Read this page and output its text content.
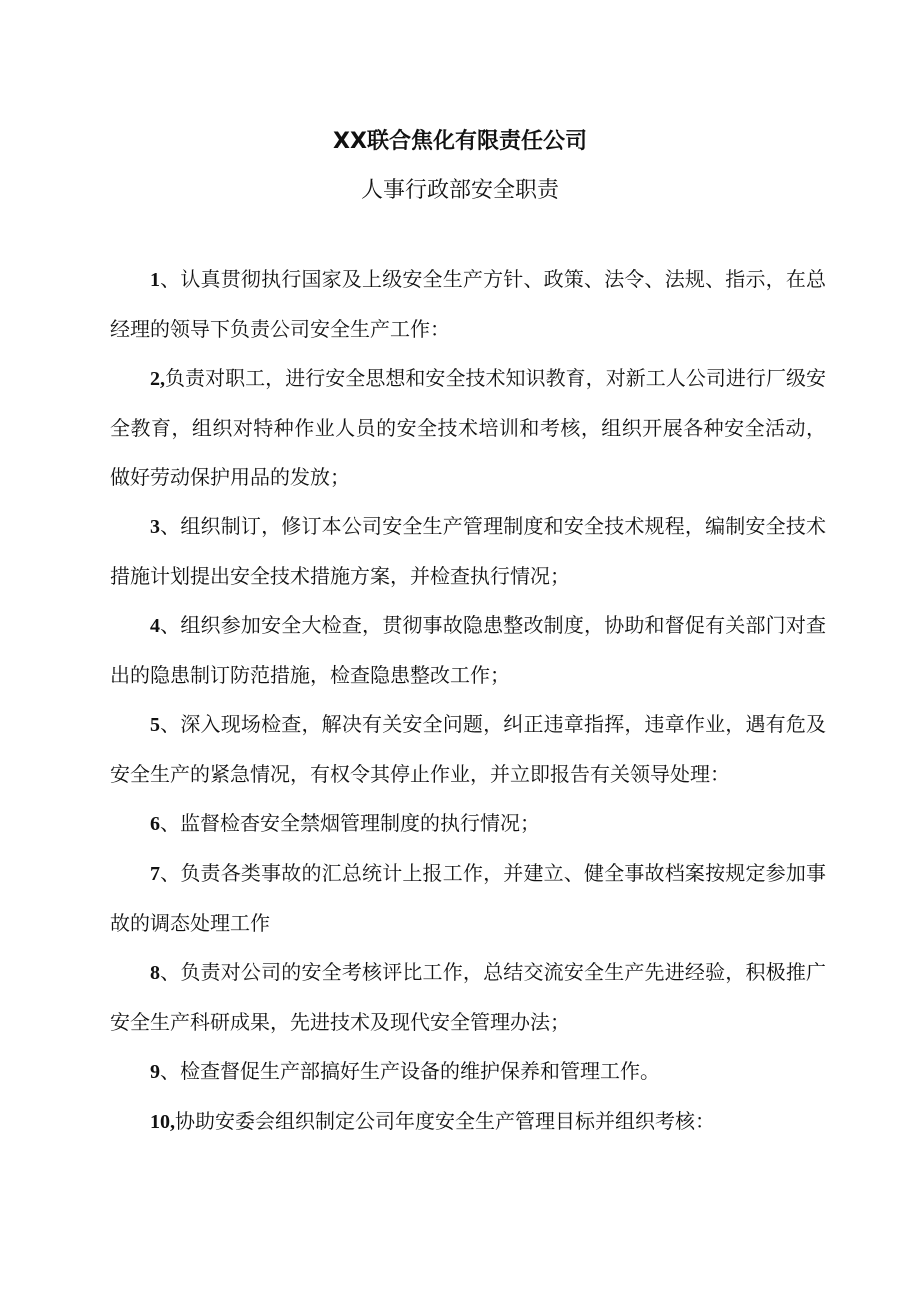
XX联合焦化有限责任公司
人事行政部安全职责

1、认真贯彻执行国家及上级安全生产方针、政策、法令、法规、指示，在总经理的领导下负责公司安全生产工作：

2,负责对职工，进行安全思想和安全技术知识教育，对新工人公司进行厂级安全教育，组织对特种作业人员的安全技术培训和考核，组织开展各种安全活动，做好劳动保护用品的发放；

3、组织制订，修订本公司安全生产管理制度和安全技术规程，编制安全技术措施计划提出安全技术措施方案，并检查执行情况；

4、组织参加安全大检查，贯彻事故隐患整改制度，协助和督促有关部门对查出的隐患制订防范措施，检查隐患整改工作；

5、深入现场检查，解决有关安全问题，纠正违章指挥，违章作业，遇有危及安全生产的紧急情况，有权令其停止作业，并立即报告有关领导处理：

6、监督检杳安全禁烟管理制度的执行情况；

7、负责各类事故的汇总统计上报工作，并建立、健全事故档案按规定参加事故的调态处理工作

8、负责对公司的安全考核评比工作，总结交流安全生产先进经验，积极推广安全生产科研成果，先进技术及现代安全管理办法；

9、检查督促生产部搞好生产设备的维护保养和管理工作。

10,协助安委会组织制定公司年度安全生产管理目标并组织考核：
